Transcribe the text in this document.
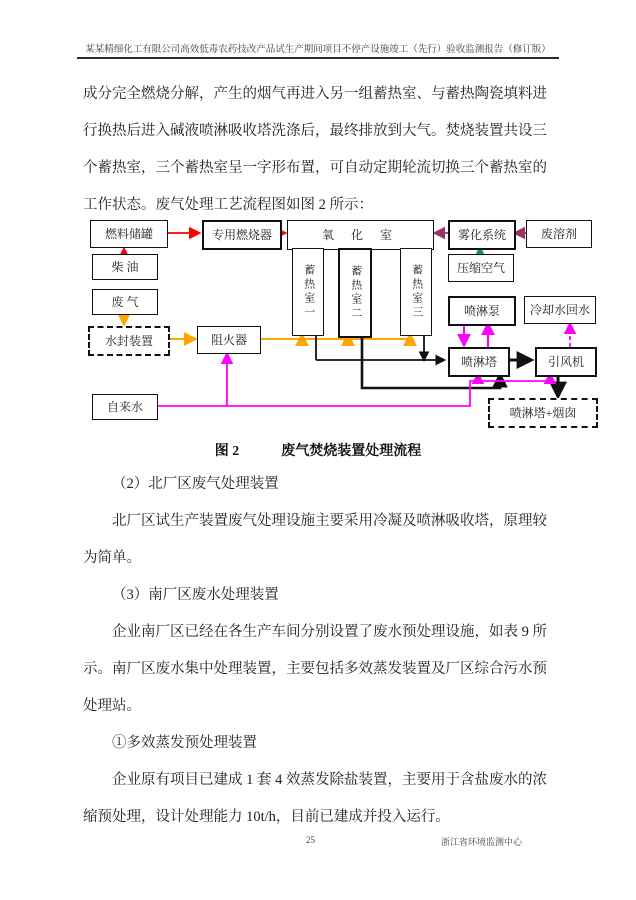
某某精细化工有限公司高效低毒农药技改产品试生产期间项目不停产设施竣工（先行）验收监测报告（修订版）
成分完全燃烧分解，产生的烟气再进入另一组蓄热室、与蓄热陶瓷填料进
行换热后进入碱液喷淋吸收塔洗涤后，最终排放到大气。焚烧装置共设三
个蓄热室，三个蓄热室呈一字形布置，可自动定期轮流切换三个蓄热室的
工作状态。废气处理工艺流程图如图 2 所示：
燃料储罐	专用燃烧器	氧 化 室
蓄热室一	蓄热室二	蓄热室三
雾化系统	废溶剂
压缩空气
喷淋泵	冷却水回水
柴 油
废 气
水封装置	阻火器
自来水
喷淋塔	引风机
喷淋塔+烟囱
图 2	废气焚烧装置处理流程
（2）北厂区废气处理装置
北厂区试生产装置废气处理设施主要采用冷凝及喷淋吸收塔，原理较
为简单。
（3）南厂区废水处理装置
企业南厂区已经在各生产车间分别设置了废水预处理设施，如表 9 所
示。南厂区废水集中处理装置，主要包括多效蒸发装置及厂区综合污水预
处理站。
①多效蒸发预处理装置
企业原有项目已建成 1 套 4 效蒸发除盐装置，主要用于含盐废水的浓
缩预处理，设计处理能力 10t/h，目前已建成并投入运行。
25	浙江省环境监测中心
